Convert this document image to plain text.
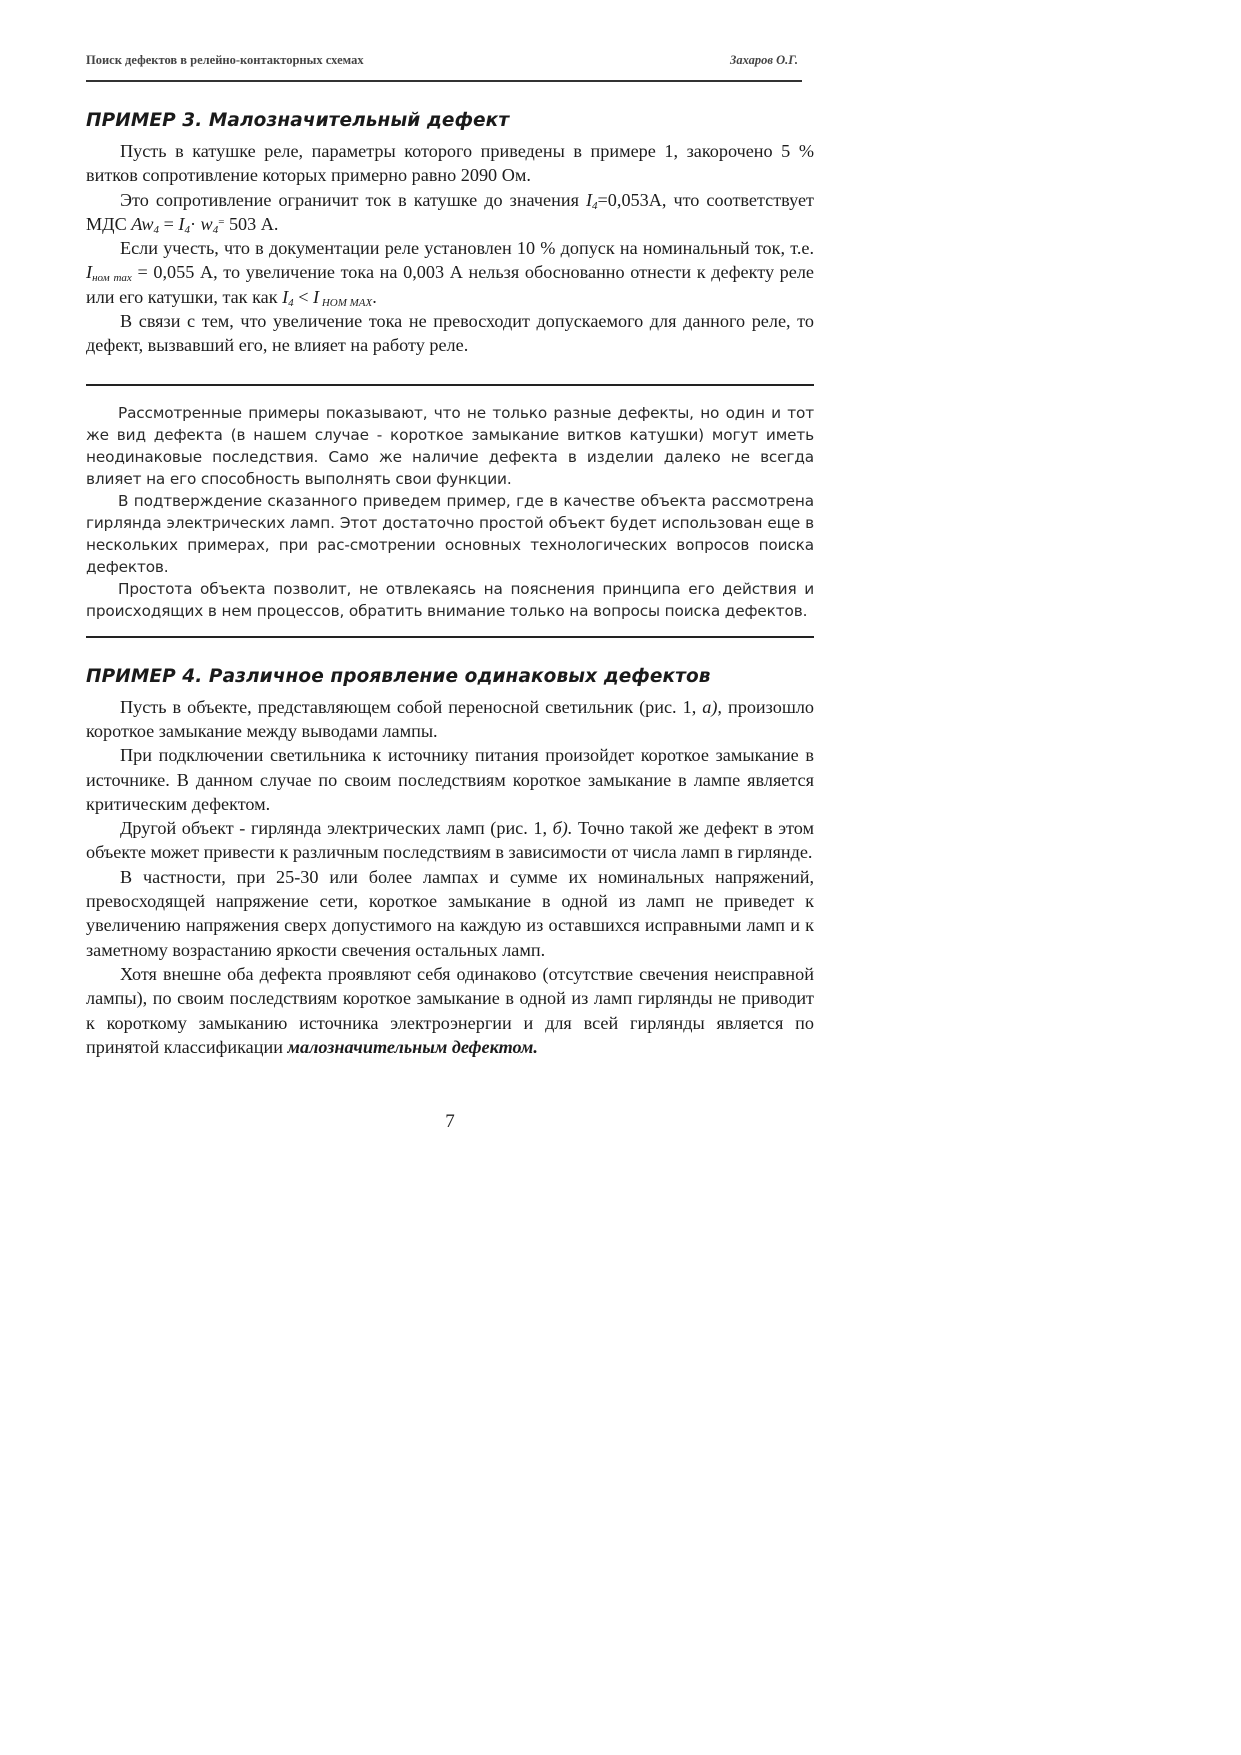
Поиск дефектов в релейно-контакторных схемах	Захаров О.Г.
ПРИМЕР 3. Малозначительный дефект

Пусть в катушке реле, параметры которого приведены в примере 1, закорочено 5 % витков сопротивление которых примерно равно 2090 Ом.

Это сопротивление ограничит ток в катушке до значения $I_4=0,053А$, что соответствует МДС $Aw_4 = I_4\cdot w_4^=$ 503 А.

Если учесть, что в документации реле установлен 10 % допуск на номинальный ток, т.е. $I_{ном max} = 0,055$ А, то увеличение тока на 0,003 А нельзя обоснованно отнести к дефекту реле или его катушки, так как $I_4 < I$ $_{НОМ MAX}$.

В связи с тем, что увеличение тока не превосходит допускаемого для данного реле, то дефект, вызвавший его, не влияет на работу реле.

Рассмотренные примеры показывают, что не только разные дефекты, но один и тот же вид дефекта (в нашем случае - короткое замыкание витков катушки) могут иметь неодинаковые последствия. Само же наличие дефекта в изделии далеко не всегда влияет на его способность выполнять свои функции.

В подтверждение сказанного приведем пример, где в качестве объекта рассмотрена гирлянда электрических ламп. Этот достаточно простой объект будет использован еще в нескольких примерах, при рас-смотрении основных технологических вопросов поиска дефектов.

Простота объекта позволит, не отвлекаясь на пояснения принципа его действия и происходящих в нем процессов, обратить внимание только на вопросы поиска дефектов.

ПРИМЕР 4. Различное проявление одинаковых дефектов

Пусть в объекте, представляющем собой переносной светильник (рис. 1, а), произошло короткое замыкание между выводами лампы.

При подключении светильника к источнику питания произойдет короткое замыкание в источнике. В данном случае по своим последствиям короткое замыкание в лампе является критическим дефектом.

Другой объект - гирлянда электрических ламп (рис. 1, б). Точно такой же дефект в этом объекте может привести к различным последствиям в зависимости от числа ламп в гирлянде.

В частности, при 25-30 или более лампах и сумме их номинальных напряжений, превосходящей напряжение сети, короткое замыкание в одной из ламп не приведет к увеличению напряжения сверх допустимого на каждую из оставшихся исправными ламп и к заметному возрастанию яркости свечения остальных ламп.

Хотя внешне оба дефекта проявляют себя одинаково (отсутствие свечения неисправной лампы), по своим последствиям короткое замыкание в одной из ламп гирлянды не приводит к короткому замыканию источника электроэнергии и для всей гирлянды является по принятой классификации малозначительным дефектом.

7
